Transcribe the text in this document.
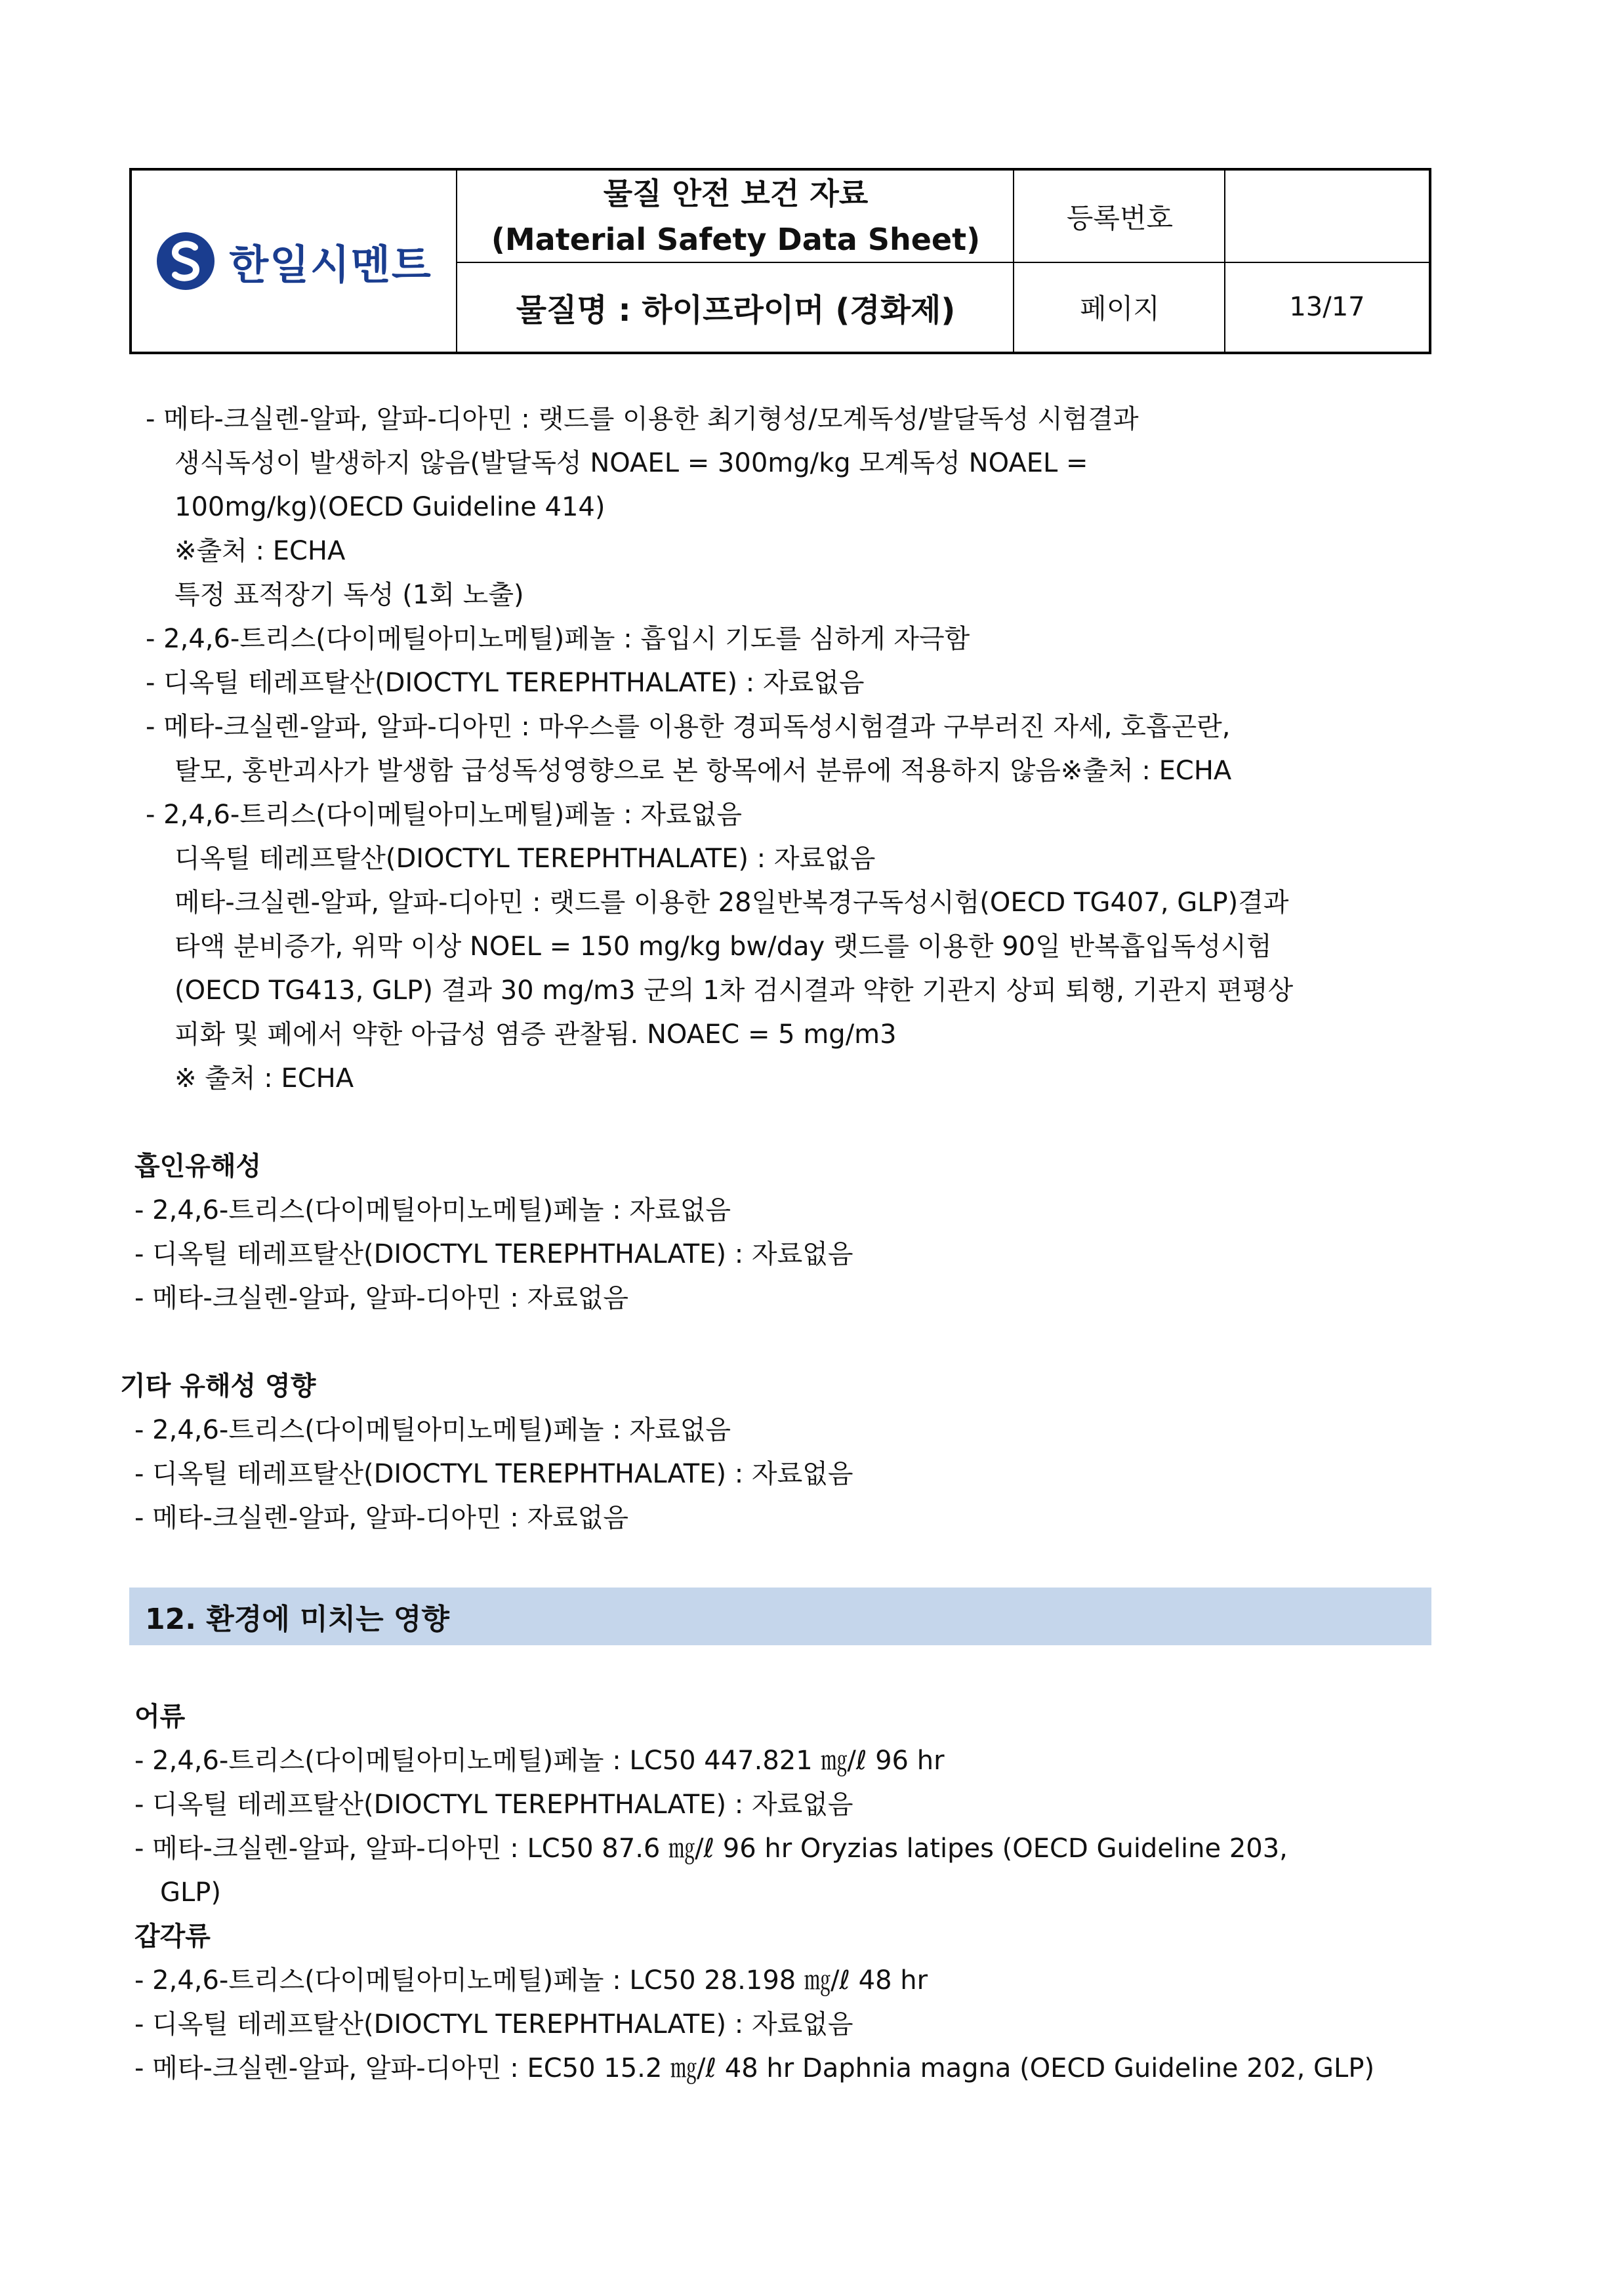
한일시멘트
물질 안전 보건 자료
(Material Safety Data Sheet)
물질명 : 하이프라이머 (경화제)
등록번호
페이지	13/17
- 메타-크실렌-알파, 알파-디아민 : 랫드를 이용한 최기형성/모계독성/발달독성 시험결과
생식독성이 발생하지 않음(발달독성 NOAEL = 300mg/kg 모계독성 NOAEL =
100mg/kg)(OECD Guideline 414)
※출처 : ECHA
특정 표적장기 독성 (1회 노출)
- 2,4,6-트리스(다이메틸아미노메틸)페놀 : 흡입시 기도를 심하게 자극함
- 디옥틸 테레프탈산(DIOCTYL TEREPHTHALATE) : 자료없음
- 메타-크실렌-알파, 알파-디아민 : 마우스를 이용한 경피독성시험결과 구부러진 자세, 호흡곤란,
탈모, 홍반괴사가 발생함 급성독성영향으로 본 항목에서 분류에 적용하지 않음※출처 : ECHA
- 2,4,6-트리스(다이메틸아미노메틸)페놀 : 자료없음
디옥틸 테레프탈산(DIOCTYL TEREPHTHALATE) : 자료없음
메타-크실렌-알파, 알파-디아민 : 랫드를 이용한 28일반복경구독성시험(OECD TG407, GLP)결과
타액 분비증가, 위막 이상 NOEL = 150 mg/kg bw/day 랫드를 이용한 90일 반복흡입독성시험
(OECD TG413, GLP) 결과 30 mg/m3 군의 1차 검시결과 약한 기관지 상피 퇴행, 기관지 편평상
피화 및 폐에서 약한 아급성 염증 관찰됨. NOAEC = 5 mg/m3
※ 출처 : ECHA
흡인유해성
- 2,4,6-트리스(다이메틸아미노메틸)페놀 : 자료없음
- 디옥틸 테레프탈산(DIOCTYL TEREPHTHALATE) : 자료없음
- 메타-크실렌-알파, 알파-디아민 : 자료없음
기타 유해성 영향
- 2,4,6-트리스(다이메틸아미노메틸)페놀 : 자료없음
- 디옥틸 테레프탈산(DIOCTYL TEREPHTHALATE) : 자료없음
- 메타-크실렌-알파, 알파-디아민 : 자료없음
12. 환경에 미치는 영향
어류
- 2,4,6-트리스(다이메틸아미노메틸)페놀 : LC50 447.821 ㎎/ℓ 96 hr
- 디옥틸 테레프탈산(DIOCTYL TEREPHTHALATE) : 자료없음
- 메타-크실렌-알파, 알파-디아민 : LC50 87.6 ㎎/ℓ 96 hr Oryzias latipes (OECD Guideline 203,
GLP)
갑각류
- 2,4,6-트리스(다이메틸아미노메틸)페놀 : LC50 28.198 ㎎/ℓ 48 hr
- 디옥틸 테레프탈산(DIOCTYL TEREPHTHALATE) : 자료없음
- 메타-크실렌-알파, 알파-디아민 : EC50 15.2 ㎎/ℓ 48 hr Daphnia magna (OECD Guideline 202, GLP)
